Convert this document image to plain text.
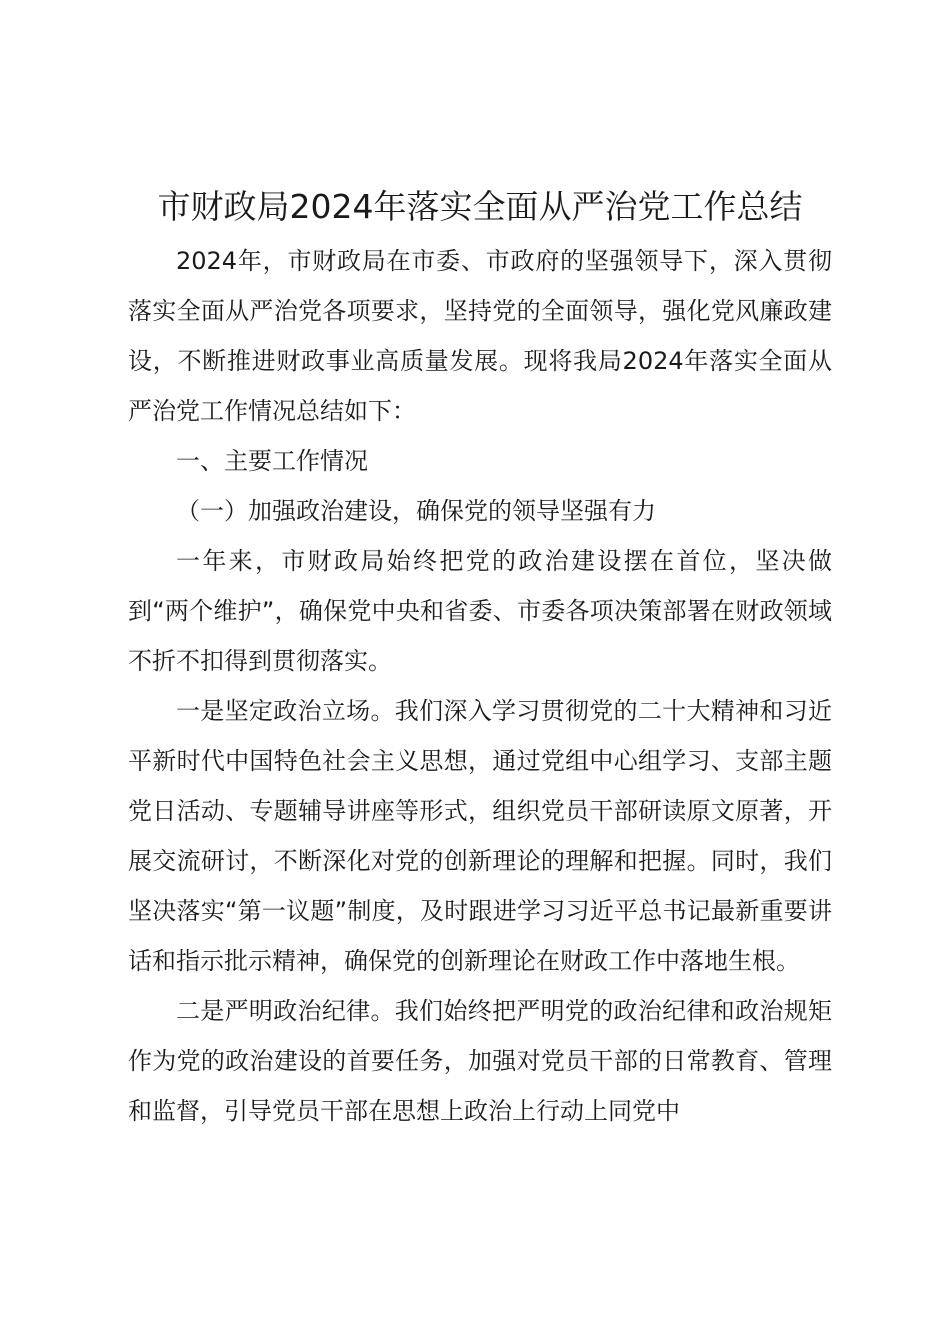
市财政局2024年落实全面从严治党工作总结

2024年，市财政局在市委、市政府的坚强领导下，深入贯彻落实全面从严治党各项要求，坚持党的全面领导，强化党风廉政建设，不断推进财政事业高质量发展。现将我局2024年落实全面从严治党工作情况总结如下：

一、主要工作情况

（一）加强政治建设，确保党的领导坚强有力

一年来，市财政局始终把党的政治建设摆在首位，坚决做到“两个维护”，确保党中央和省委、市委各项决策部署在财政领域不折不扣得到贯彻落实。

一是坚定政治立场。我们深入学习贯彻党的二十大精神和习近平新时代中国特色社会主义思想，通过党组中心组学习、支部主题党日活动、专题辅导讲座等形式，组织党员干部研读原文原著，开展交流研讨，不断深化对党的创新理论的理解和把握。同时，我们坚决落实“第一议题”制度，及时跟进学习习近平总书记最新重要讲话和指示批示精神，确保党的创新理论在财政工作中落地生根。

二是严明政治纪律。我们始终把严明党的政治纪律和政治规矩作为党的政治建设的首要任务，加强对党员干部的日常教育、管理和监督，引导党员干部在思想上政治上行动上同党中
